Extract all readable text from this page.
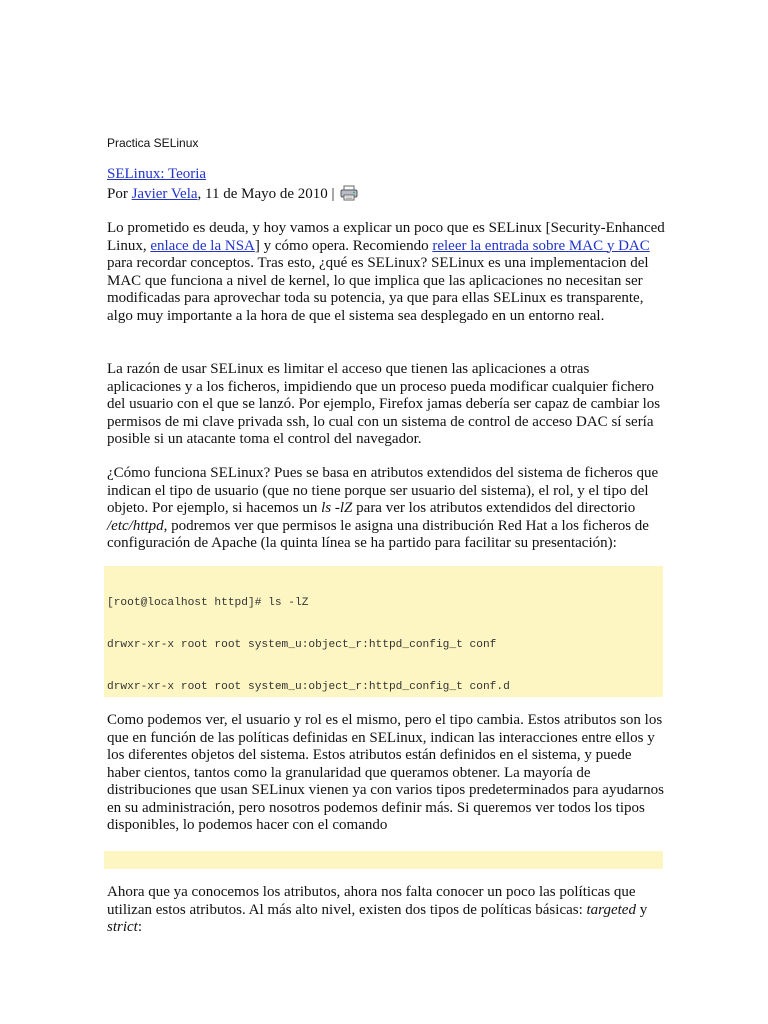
Practica SELinux
SELinux: Teoria
Por Javier Vela, 11 de Mayo de 2010 |

Lo prometido es deuda, y hoy vamos a explicar un poco que es SELinux [Security-Enhanced Linux, enlace de la NSA] y cómo opera. Recomiendo releer la entrada sobre MAC y DAC para recordar conceptos. Tras esto, ¿qué es SELinux? SELinux es una implementacion del MAC que funciona a nivel de kernel, lo que implica que las aplicaciones no necesitan ser modificadas para aprovechar toda su potencia, ya que para ellas SELinux es transparente, algo muy importante a la hora de que el sistema sea desplegado en un entorno real.

La razón de usar SELinux es limitar el acceso que tienen las aplicaciones a otras aplicaciones y a los ficheros, impidiendo que un proceso pueda modificar cualquier fichero del usuario con el que se lanzó. Por ejemplo, Firefox jamas debería ser capaz de cambiar los permisos de mi clave privada ssh, lo cual con un sistema de control de acceso DAC sí sería posible si un atacante toma el control del navegador.

¿Cómo funciona SELinux? Pues se basa en atributos extendidos del sistema de ficheros que indican el tipo de usuario (que no tiene porque ser usuario del sistema), el rol, y el tipo del objeto. Por ejemplo, si hacemos un ls -lZ para ver los atributos extendidos del directorio /etc/httpd, podremos ver que permisos le asigna una distribución Red Hat a los ficheros de configuración de Apache (la quinta línea se ha partido para facilitar su presentación):

[root@localhost httpd]# ls -lZ

drwxr-xr-x root root system_u:object_r:httpd_config_t conf

drwxr-xr-x root root system_u:object_r:httpd_config_t conf.d

Como podemos ver, el usuario y rol es el mismo, pero el tipo cambia. Estos atributos son los que en función de las políticas definidas en SELinux, indican las interacciones entre ellos y los diferentes objetos del sistema. Estos atributos están definidos en el sistema, y puede haber cientos, tantos como la granularidad que queramos obtener. La mayoría de distribuciones que usan SELinux vienen ya con varios tipos predeterminados para ayudarnos en su administración, pero nosotros podemos definir más. Si queremos ver todos los tipos disponibles, lo podemos hacer con el comando

Ahora que ya conocemos los atributos, ahora nos falta conocer un poco las políticas que utilizan estos atributos. Al más alto nivel, existen dos tipos de políticas básicas: targeted y strict:
